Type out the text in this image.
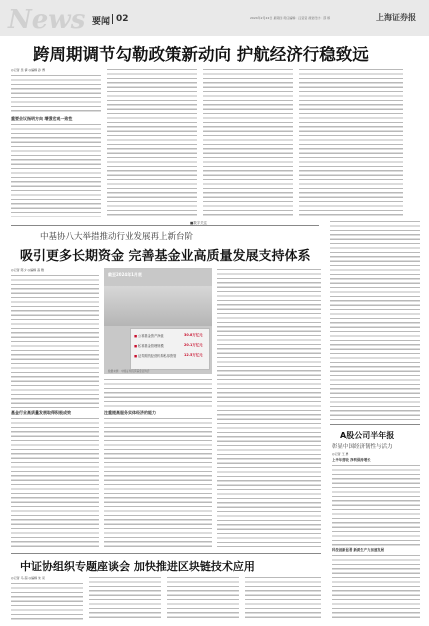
News 要闻 02	2024年2月22日 星期四 责任编辑：汪莹莹 视觉设计：邵 婷	上海证券报
跨周期调节勾勒政策新动向 护航经济行稳致远
◎记者 吴 倩 ◎编辑 孙 博
重要会议指明方向 增强宏观一致性
■数字关注
中基协八大举措推动行业发展再上新台阶
吸引更多长期资金 完善基金业高质量发展支持体系
◎记者 陈少 ◎编辑 高 雅
基金行业高质量发展取得积极成效
截至2024年1月底
■ 公募基金资产净值
■ 私募基金管理规模
■ 证券期货经营机构私募资管
30.8万亿元
20.1万亿元
12.5万亿元
数据来源：中国证券投资基金业协会
注重提高服务实体经济的能力
A股公司半年报
彰显中国经济韧性与活力
◎记者 王 勇
上半年营收 净利保持增长
科技创新显著 新质生产力加速发展
中证协组织专题座谈会 加快推进区块链技术应用
◎记者 马 超 ◎编辑 朱 亮
